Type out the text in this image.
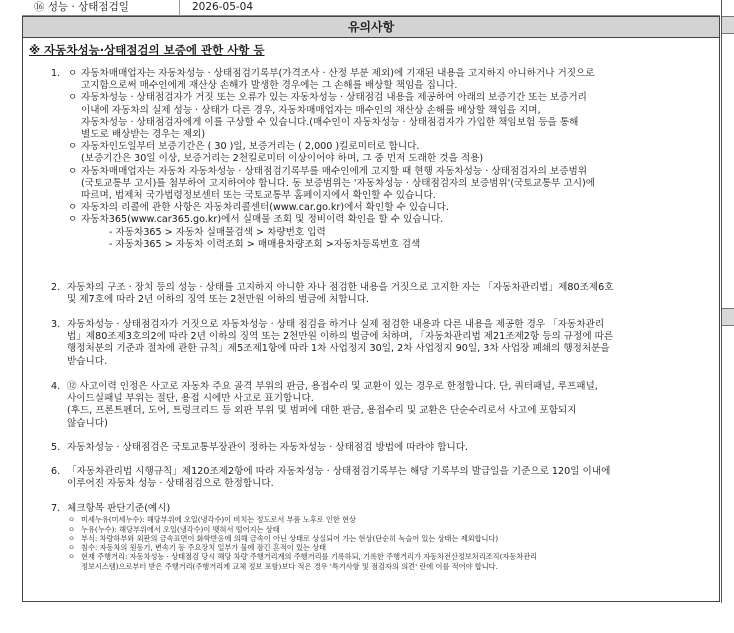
⑯ 성능 · 상태점검일	2026-05-04
유의사항
※ 자동차성능·상태점검의 보증에 관한 사항 등
1. ㅇ 자동차매매업자는 자동차성능 · 상태점검기록부(가격조사 · 산정 부분 제외)에 기재된 내용을 고지하지 아니하거나 거짓으로

고지함으로써 매수인에게 재산상 손해가 발생한 경우에는 그 손해를 배상할 책임을 집니다.

ㅇ 자동차성능 · 상태점검자가 거짓 또는 오류가 있는 자동차성능 · 상태점검 내용을 제공하여 아래의 보증기간 또는 보증거리

이내에 자동차의 실제 성능 · 상태가 다른 경우, 자동차매매업자는 매수인의 재산상 손해를 배상할 책임을 지며,

자동차성능 · 상태점검자에게 이를 구상할 수 있습니다.(매수인이 자동차성능 · 상태점검자가 가입한 책임보험 등을 통해

별도로 배상받는 경우는 제외)

ㅇ 자동차인도일부터 보증기간은 ( 30 )일, 보증거리는 ( 2,000 )킬로미터로 합니다.

(보증기간은 30일 이상, 보증거리는 2천킬로미터 이상이어야 하며, 그 중 먼저 도래한 것을 적용)

ㅇ 자동차매매업자는 자동차 자동차성능 · 상태점검기록부를 매수인에게 고지할 때 현행 자동차성능 · 상태점검자의 보증범위

(국토교통부 고시)를 첨부하여 고지하여야 합니다. 동 보증범위는 '자동차성능 · 상태점검자의 보증범위'(국토교통부 고시)에

따르며, 법제처 국가법령정보센터 또는 국토교통부 홈페이지에서 확인할 수 있습니다.

ㅇ 자동차의 리콜에 관한 사항은 자동차리콜센터(www.car.go.kr)에서 확인할 수 있습니다.

ㅇ 자동차365(www.car365.go.kr)에서 실매물 조회 및 정비이력 확인을 할 수 있습니다.

- 자동차365 > 자동차 실매물검색 > 차량번호 입력

- 자동차365 > 자동차 이력조회 > 매매용차량조회 >자동차등록번호 검색

2. 자동차의 구조 · 장치 등의 성능 · 상태를 고지하지 아니한 자나 점검한 내용을 거짓으로 고지한 자는 「자동차관리법」제80조제6호

및 제7호에 따라 2년 이하의 징역 또는 2천만원 이하의 벌금에 처합니다.

3. 자동차성능 · 상태점검자가 거짓으로 자동차성능 · 상태 점검을 하거나 실제 점검한 내용과 다른 내용을 제공한 경우 「자동차관리

법」제80조제3호의2에 따라 2년 이하의 징역 또는 2천만원 이하의 벌금에 처하며, 「자동차관리법 제21조제2항 등의 규정에 따른

행정처분의 기준과 절차에 관한 규칙」제5조제1항에 따라 1차 사업정지 30일, 2차 사업정지 90일, 3차 사업장 폐쇄의 행정처분을

받습니다.

4. ⑫ 사고이력 인정은 사고로 자동차 주요 골격 부위의 판금, 용접수리 및 교환이 있는 경우로 한정합니다. 단, 쿼터패널, 루프패널,

사이드실패널 부위는 절단, 용접 시에만 사고로 표기합니다.

(후드, 프론트펜더, 도어, 트렁크리드 등 외판 부위 및 범퍼에 대한 판금, 용접수리 및 교환은 단순수리로서 사고에 포함되지

않습니다)

5. 자동차성능 · 상태점검은 국토교통부장관이 정하는 자동차성능 · 상태점검 방법에 따라야 합니다.

6. 「자동차관리법 시행규칙」제120조제2항에 따라 자동차성능 · 상태점검기록부는 해당 기록부의 발급일을 기준으로 120일 이내에

이루어진 자동차 성능 · 상태점검으로 한정합니다.

7. 체크항목 판단기준(예시)

ㅇ 미세누유(미세누수): 해당부위에 오일(냉각수)이 비치는 정도로서 부품 노후로 인한 현상

ㅇ 누유(누수): 해당부위에서 오일(냉각수)이 맺혀서 떨어지는 상태

ㅇ 부식: 차량하부와 외판의 금속표면이 화학반응에 의해 금속이 아닌 상태로 상실되어 가는 현상(단순히 녹슬어 있는 상태는 제외합니다)

ㅇ 침수: 자동차의 원동기, 변속기 등 주요장치 일부가 물에 잠긴 흔적이 있는 상태

ㅇ 현재 주행거리: 자동차성능 · 상태점검 당시 해당 차량 주행거리계의 주행거리를 기록하되, 기록한 주행거리가 자동차전산정보처리조직(자동차관리

정보시스템)으로부터 받은 주행거리(주행거리계 교체 정보 포함)보다 적은 경우 '특기사항 및 점검자의 의견' 란에 이를 적어야 합니다.
